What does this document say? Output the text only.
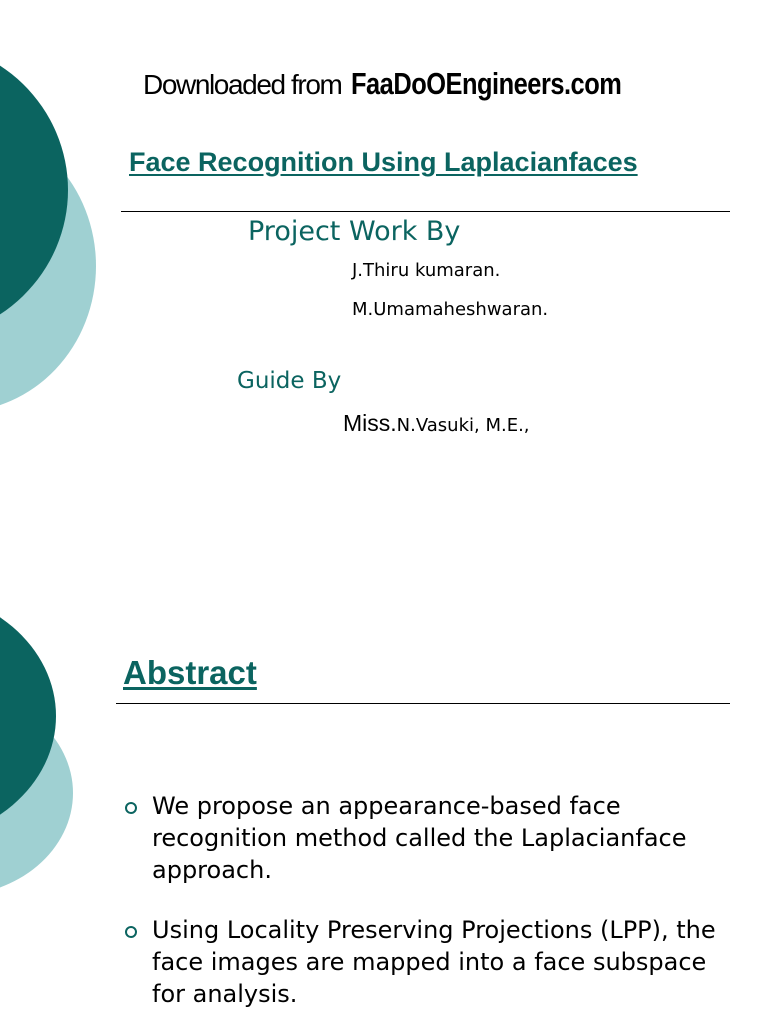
Downloaded from FaaDoOEngineers.com
Face Recognition Using Laplacianfaces
Project Work By
J.Thiru kumaran.
M.Umamaheshwaran.
Guide By
Miss.N.Vasuki, M.E.,
Abstract
We propose an appearance-based face recognition method called the Laplacianface approach.
Using Locality Preserving Projections (LPP), the face images are mapped into a face subspace for analysis.
